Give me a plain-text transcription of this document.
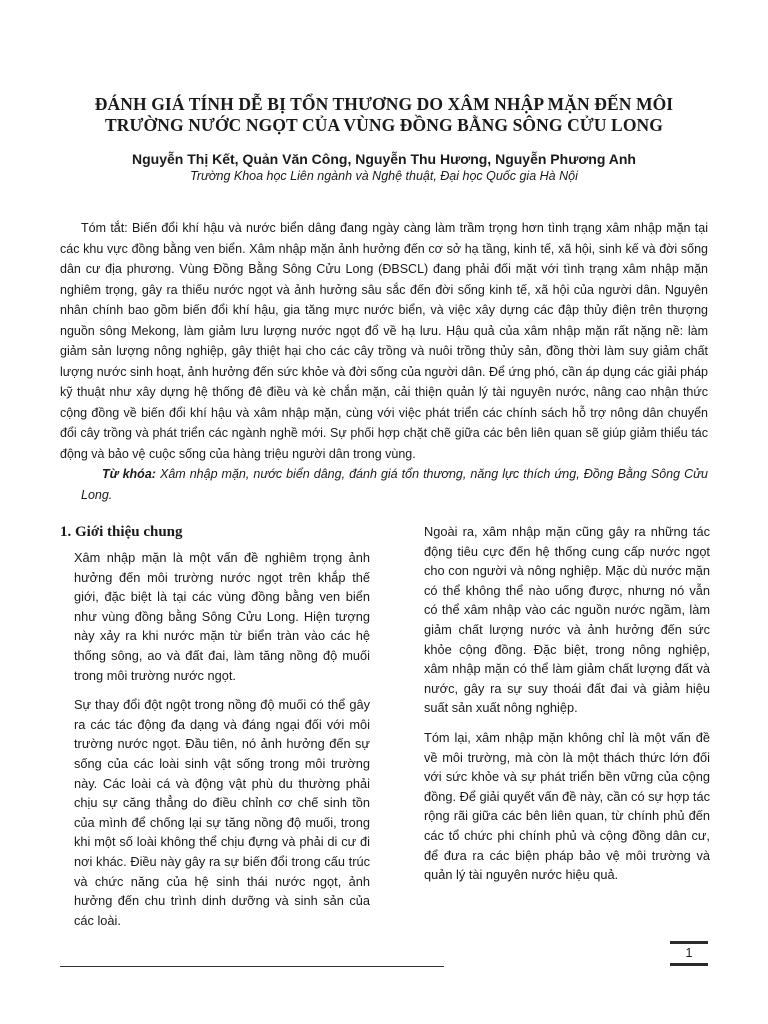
ĐÁNH GIÁ TÍNH DỄ BỊ TỔN THƯƠNG DO XÂM NHẬP MẶN ĐẾN MÔI
TRƯỜNG NƯỚC NGỌT CỦA VÙNG ĐỒNG BẰNG SÔNG CỬU LONG
Nguyễn Thị Kết, Quản Văn Công, Nguyễn Thu Hương, Nguyễn Phương Anh
Trường Khoa học Liên ngành và Nghệ thuật, Đại học Quốc gia Hà Nội

Tóm tắt: Biến đổi khí hậu và nước biển dâng đang ngày càng làm trầm trọng hơn tình trạng xâm nhập mặn tại các khu vực đồng bằng ven biển. Xâm nhập mặn ảnh hưởng đến cơ sở hạ tầng, kinh tế, xã hội, sinh kế và đời sống dân cư địa phương. Vùng Đồng Bằng Sông Cửu Long (ĐBSCL) đang phải đối mặt với tình trạng xâm nhập mặn nghiêm trọng, gây ra thiếu nước ngọt và ảnh hưởng sâu sắc đến đời sống kinh tế, xã hội của người dân. Nguyên nhân chính bao gồm biến đổi khí hậu, gia tăng mực nước biển, và việc xây dựng các đập thủy điện trên thượng nguồn sông Mekong, làm giảm lưu lượng nước ngọt đổ về hạ lưu. Hậu quả của xâm nhập mặn rất nặng nề: làm giảm sản lượng nông nghiệp, gây thiệt hại cho các cây trồng và nuôi trồng thủy sản, đồng thời làm suy giảm chất lượng nước sinh hoạt, ảnh hưởng đến sức khỏe và đời sống của người dân. Để ứng phó, cần áp dụng các giải pháp kỹ thuật như xây dựng hệ thống đê điều và kè chắn mặn, cải thiện quản lý tài nguyên nước, nâng cao nhận thức cộng đồng về biến đổi khí hậu và xâm nhập mặn, cùng với việc phát triển các chính sách hỗ trợ nông dân chuyển đổi cây trồng và phát triển các ngành nghề mới. Sự phối hợp chặt chẽ giữa các bên liên quan sẽ giúp giảm thiểu tác động và bảo vệ cuộc sống của hàng triệu người dân trong vùng.

Từ khóa: Xâm nhập mặn, nước biển dâng, đánh giá tổn thương, năng lực thích ứng, Đồng Bằng Sông Cửu Long.

1. Giới thiệu chung

Xâm nhập mặn là một vấn đề nghiêm trọng ảnh hưởng đến môi trường nước ngọt trên khắp thế giới, đặc biệt là tại các vùng đồng bằng ven biển như vùng đồng bằng Sông Cửu Long. Hiện tượng này xảy ra khi nước mặn từ biển tràn vào các hệ thống sông, ao và đất đai, làm tăng nồng độ muối trong môi trường nước ngọt.

Sự thay đổi đột ngột trong nồng độ muối có thể gây ra các tác động đa dạng và đáng ngại đối với môi trường nước ngọt. Đầu tiên, nó ảnh hưởng đến sự sống của các loài sinh vật sống trong môi trường này. Các loài cá và động vật phù du thường phải chịu sự căng thẳng do điều chỉnh cơ chế sinh tồn của mình để chống lại sự tăng nồng độ muối, trong khi một số loài không thể chịu đựng và phải di cư đi nơi khác. Điều này gây ra sự biến đổi trong cấu trúc và chức năng của hệ sinh thái nước ngọt, ảnh hưởng đến chu trình dinh dưỡng và sinh sản của các loài.

Ngoài ra, xâm nhập mặn cũng gây ra những tác động tiêu cực đến hệ thống cung cấp nước ngọt cho con người và nông nghiệp. Mặc dù nước mặn có thể không thể nào uống được, nhưng nó vẫn có thể xâm nhập vào các nguồn nước ngầm, làm giảm chất lượng nước và ảnh hưởng đến sức khỏe cộng đồng. Đặc biệt, trong nông nghiệp, xâm nhập mặn có thể làm giảm chất lượng đất và nước, gây ra sự suy thoái đất đai và giảm hiệu suất sản xuất nông nghiệp.

Tóm lại, xâm nhập mặn không chỉ là một vấn đề về môi trường, mà còn là một thách thức lớn đối với sức khỏe và sự phát triển bền vững của cộng đồng. Để giải quyết vấn đề này, cần có sự hợp tác rộng rãi giữa các bên liên quan, từ chính phủ đến các tổ chức phi chính phủ và cộng đồng dân cư, để đưa ra các biện pháp bảo vệ môi trường và quản lý tài nguyên nước hiệu quả.

1
